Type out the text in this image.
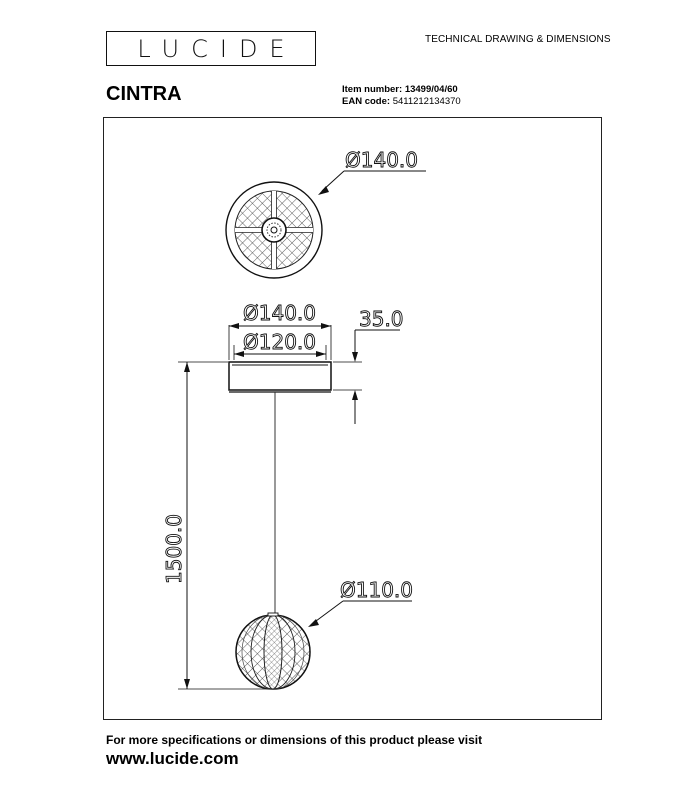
LUCIDE	TECHNICAL DRAWING & DIMENSIONS
CINTRA	Item number: 13499/04/60
EAN code: 5411212134370
Ø140.0
Ø140.0
Ø120.0
35.0
1500.0
Ø110.0
For more specifications or dimensions of this product please visit
www.lucide.com
